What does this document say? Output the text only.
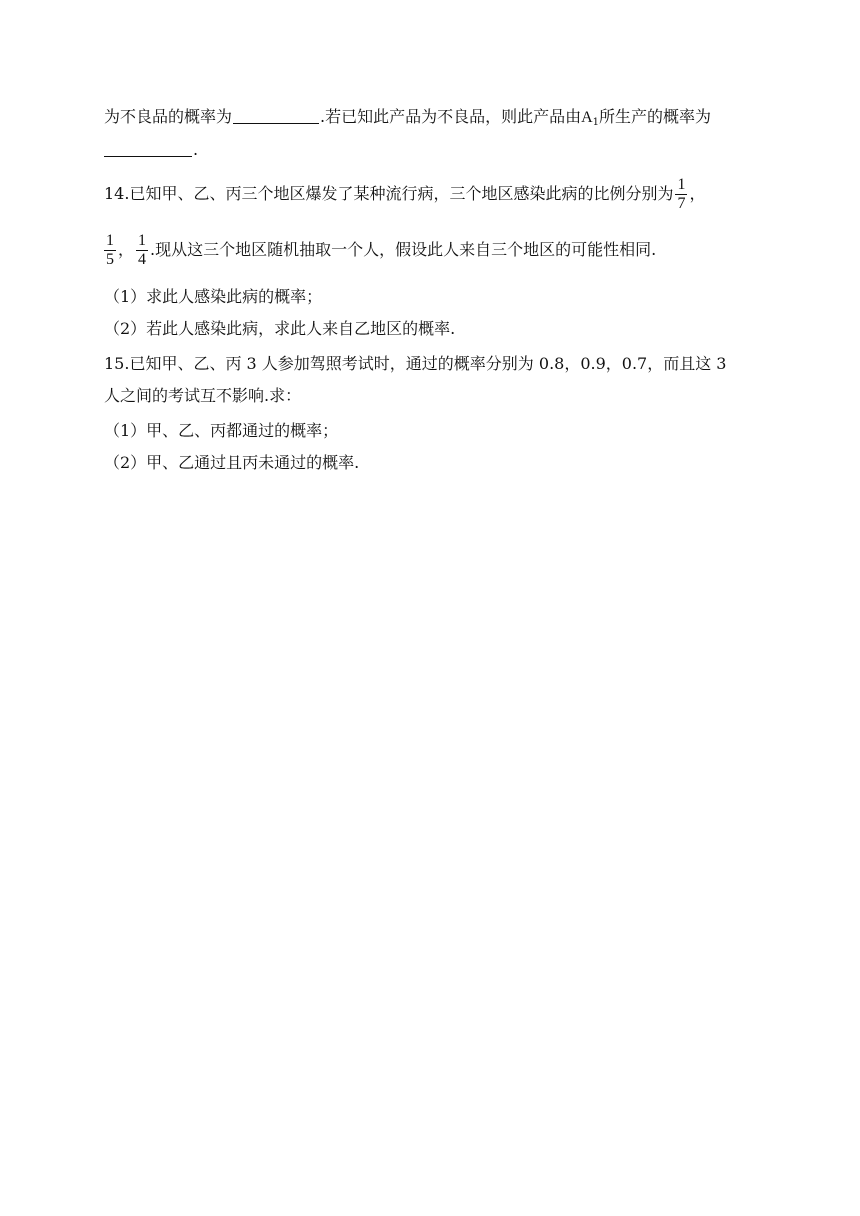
为不良品的概率为	.若已知此产品为不良品，则此产品由$A_1$所生产的概率为
.
14.已知甲、乙、丙三个地区爆发了某种流行病，三个地区感染此病的比例分别为 $\frac{1}{7}$ ，
$\frac{1}{5}$ ， $\frac{1}{4}$ .现从这三个地区随机抽取一个人，假设此人来自三个地区的可能性相同.
（1）求此人感染此病的概率；
（2）若此人感染此病，求此人来自乙地区的概率.
15.已知甲、乙、丙 3 人参加驾照考试时，通过的概率分别为 0.8，0.9，0.7，而且这 3
人之间的考试互不影响.求：
（1）甲、乙、丙都通过的概率；
（2）甲、乙通过且丙未通过的概率.
